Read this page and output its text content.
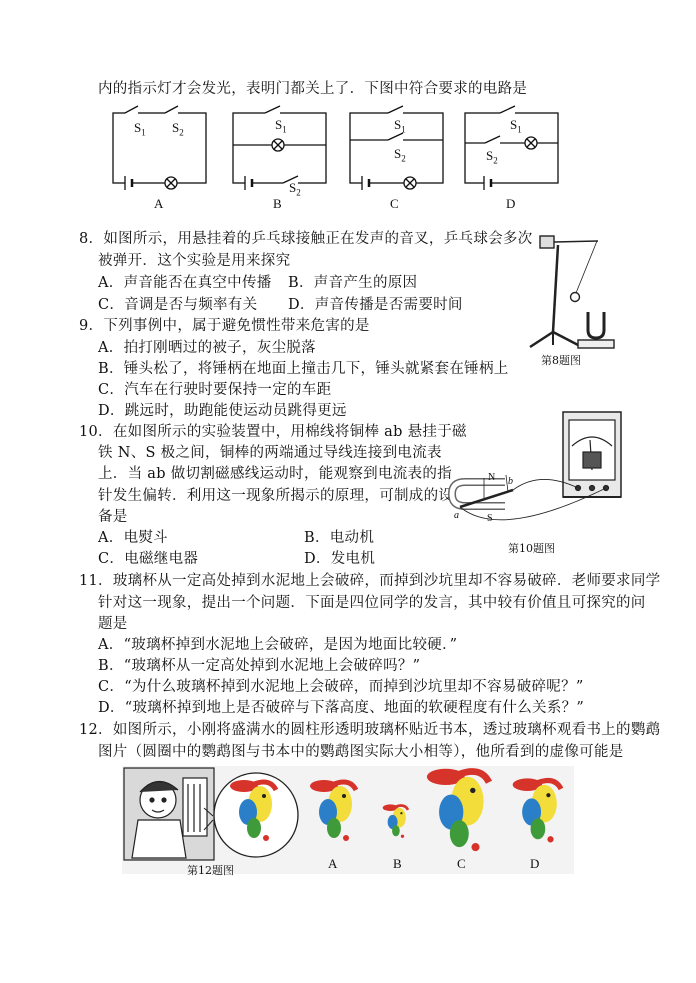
内的指示灯才会发光，表明门都关上了．下图中符合要求的电路是
$S_1$ $S_2$
$S_1$
$S_2$
$S_1$
$S_2$
$S_1$
$S_2$
A	B	C	D
8．如图所示，用悬挂着的乒乓球接触正在发声的音叉，乒乓球会多次
被弹开．这个实验是用来探究
A．声音能否在真空中传播 B．声音产生的原因
C．音调是否与频率有关 D．声音传播是否需要时间
第8题图
9．下列事例中，属于避免惯性带来危害的是
A．拍打刚晒过的被子，灰尘脱落
B．锤头松了，将锤柄在地面上撞击几下，锤头就紧套在锤柄上
C．汽车在行驶时要保持一定的车距
D．跳远时，助跑能使运动员跳得更远
10．在如图所示的实验装置中，用棉线将铜棒 ab 悬挂于磁
铁 N、S 极之间，铜棒的两端通过导线连接到电流表
上．当 ab 做切割磁感线运动时，能观察到电流表的指
针发生偏转．利用这一现象所揭示的原理，可制成的设
备是
A．电熨斗	B．电动机
C．电磁继电器	D．发电机
N
S
a
b
第10题图
11．玻璃杯从一定高处掉到水泥地上会破碎，而掉到沙坑里却不容易破碎．老师要求同学
针对这一现象，提出一个问题．下面是四位同学的发言，其中较有价值且可探究的问
题是
A．“玻璃杯掉到水泥地上会破碎，是因为地面比较硬．”
B．“玻璃杯从一定高处掉到水泥地上会破碎吗？”
C．“为什么玻璃杯掉到水泥地上会破碎，而掉到沙坑里却不容易破碎呢？”
D．“玻璃杯掉到地上是否破碎与下落高度、地面的软硬程度有什么关系？”
12．如图所示，小刚将盛满水的圆柱形透明玻璃杯贴近书本，透过玻璃杯观看书上的鹦鹉
图片（圆圈中的鹦鹉图与书本中的鹦鹉图实际大小相等），他所看到的虚像可能是
第12题图	A	B	C	D
